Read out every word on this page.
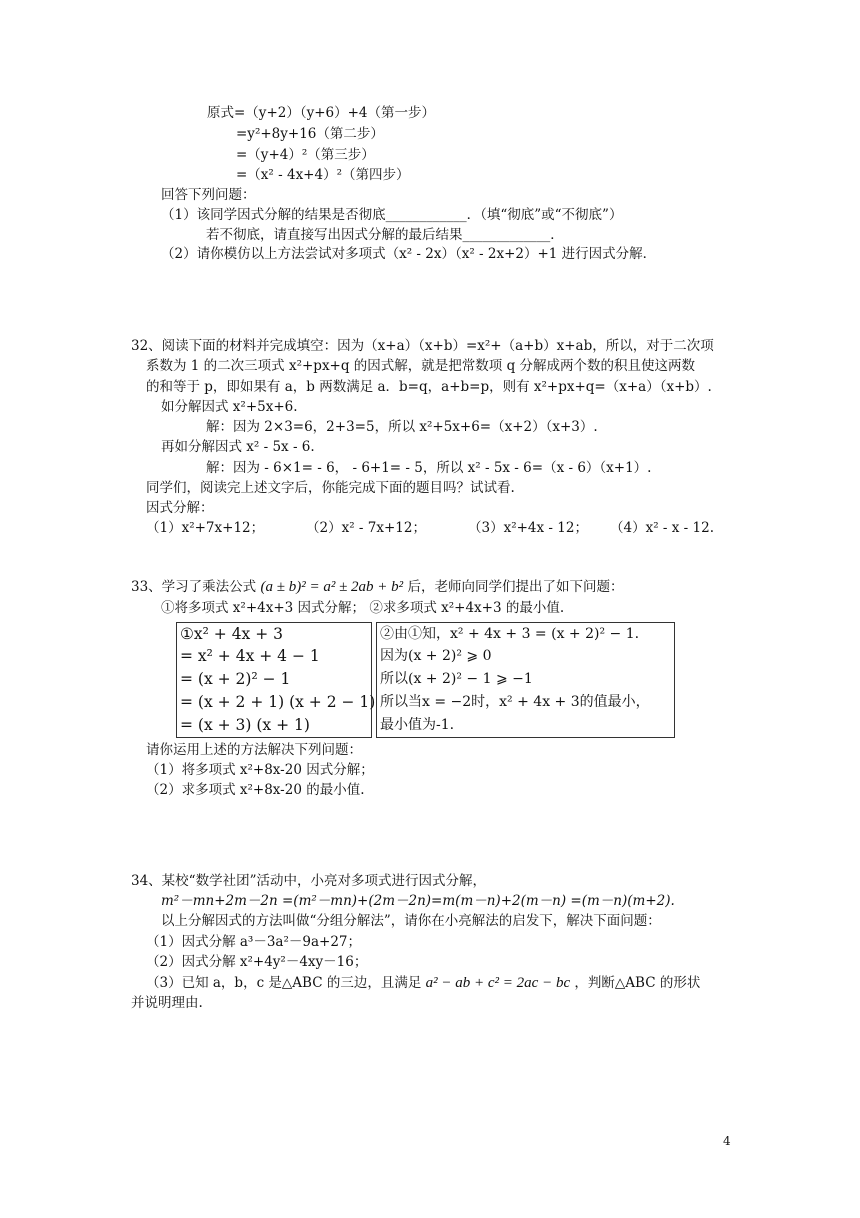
原式=（y+2）（y+6）+4（第一步）
=y²+8y+16（第二步）
=（y+4）²（第三步）
=（x² - 4x+4）²（第四步）
回答下列问题：
（1）该同学因式分解的结果是否彻底____________．（填“彻底”或“不彻底”）
若不彻底，请直接写出因式分解的最后结果_____________．
（2）请你模仿以上方法尝试对多项式（x² - 2x）（x² - 2x+2）+1 进行因式分解．
32、阅读下面的材料并完成填空：因为（x+a）（x+b）=x²+（a+b）x+ab，所以，对于二次项
系数为 1 的二次三项式 x²+px+q 的因式解，就是把常数项 q 分解成两个数的积且使这两数
的和等于 p，即如果有 a，b 两数满足 a．b=q，a+b=p，则有 x²+px+q=（x+a）（x+b）.
如分解因式 x²+5x+6.
解：因为 2×3=6，2+3=5，所以 x²+5x+6=（x+2）（x+3）.
再如分解因式 x² - 5x - 6.
解：因为 - 6×1= - 6， - 6+1= - 5，所以 x² - 5x - 6=（x - 6）（x+1）.
同学们，阅读完上述文字后，你能完成下面的题目吗？试试看.
因式分解：
（1）x²+7x+12；	（2）x² - 7x+12；	（3）x²+4x - 12； （4）x² - x - 12.
33、学习了乘法公式 (a ± b)² = a² ± 2ab + b² 后，老师向同学们提出了如下问题：
①将多项式 x²+4x+3 因式分解； ②求多项式 x²+4x+3 的最小值.
①x² + 4x + 3
= x² + 4x + 4 − 1
= (x + 2)² − 1
= (x + 2 + 1) (x + 2 − 1)
= (x + 3) (x + 1)
②由①知，x² + 4x + 3 = (x + 2)² − 1.
因为(x + 2)² ⩾ 0
所以(x + 2)² − 1 ⩾ −1
所以当x = −2时，x² + 4x + 3的值最小，
最小值为-1.
请你运用上述的方法解决下列问题：
（1）将多项式 x²+8x-20 因式分解；
（2）求多项式 x²+8x-20 的最小值.
34、某校“数学社团”活动中，小亮对多项式进行因式分解，
m²－mn+2m－2n =(m²－mn)+(2m－2n)=m(m－n)+2(m－n) =(m－n)(m+2).
以上分解因式的方法叫做“分组分解法”，请你在小亮解法的启发下，解决下面问题：
（1）因式分解 a³－3a²－9a+27；
（2）因式分解 x²+4y²－4xy－16；
（3）已知 a，b，c 是△ABC 的三边，且满足 a² − ab + c² = 2ac − bc ，判断△ABC 的形状
并说明理由.
4
